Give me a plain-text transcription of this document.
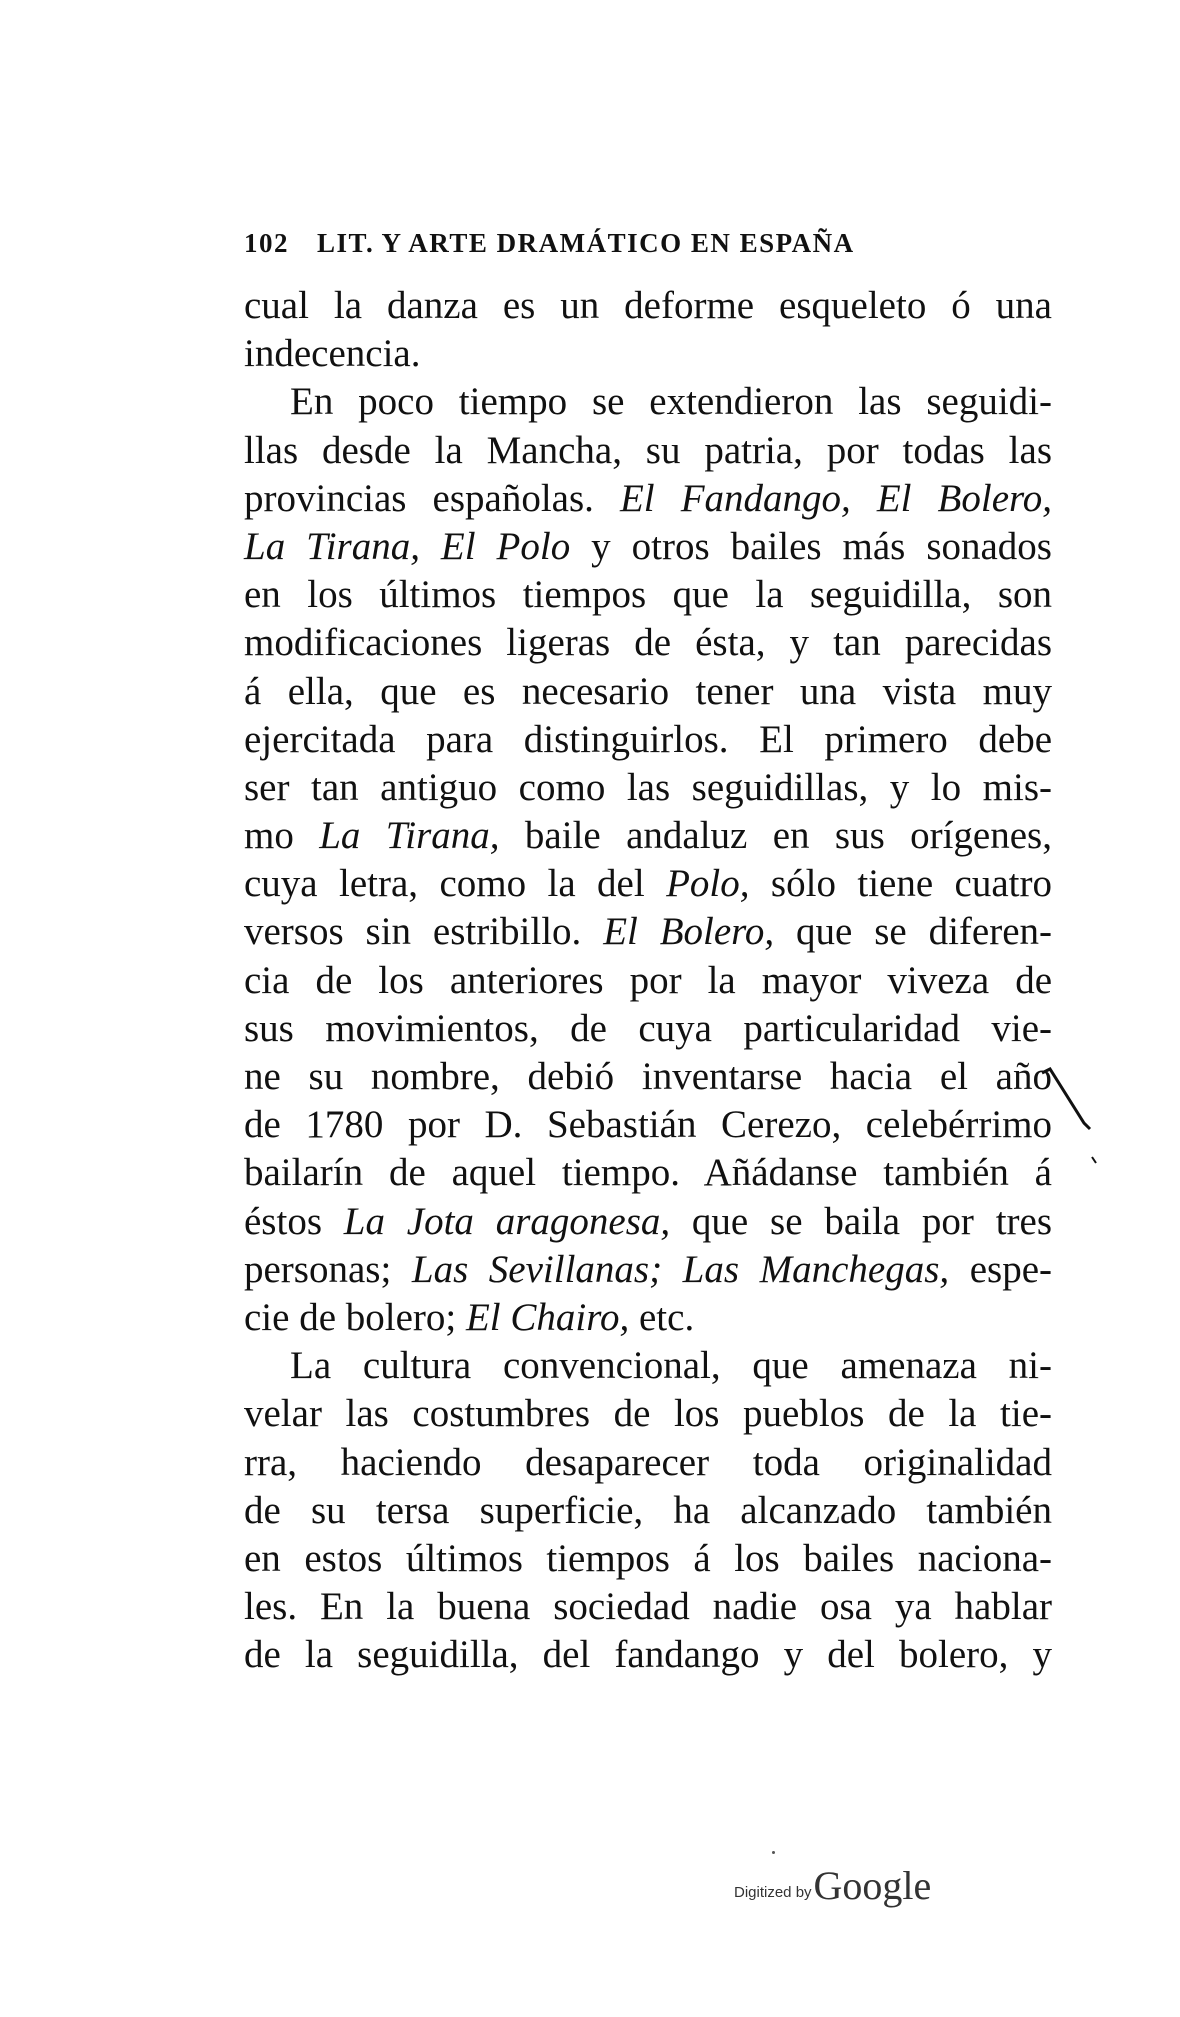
102 LIT. Y ARTE DRAMÁTICO EN ESPAÑA
cual la danza es un deforme esqueleto ó una
indecencia.
En poco tiempo se extendieron las seguidi-
llas desde la Mancha, su patria, por todas las
provincias españolas. El Fandango, El Bolero,
La Tirana, El Polo y otros bailes más sonados
en los últimos tiempos que la seguidilla, son
modificaciones ligeras de ésta, y tan parecidas
á ella, que es necesario tener una vista muy
ejercitada para distinguirlos. El primero debe
ser tan antiguo como las seguidillas, y lo mis-
mo La Tirana, baile andaluz en sus orígenes,
cuya letra, como la del Polo, sólo tiene cuatro
versos sin estribillo. El Bolero, que se diferen-
cia de los anteriores por la mayor viveza de
sus movimientos, de cuya particularidad vie-
ne su nombre, debió inventarse hacia el año
de 1780 por D. Sebastián Cerezo, celebérrimo
bailarín de aquel tiempo. Añádanse también á
éstos La Jota aragonesa, que se baila por tres
personas; Las Sevillanas; Las Manchegas, espe-
cie de bolero; El Chairo, etc.
La cultura convencional, que amenaza ni-
velar las costumbres de los pueblos de la tie-
rra, haciendo desaparecer toda originalidad
de su tersa superficie, ha alcanzado también
en estos últimos tiempos á los bailes naciona-
les. En la buena sociedad nadie osa ya hablar
de la seguidilla, del fandango y del bolero, y
Digitized byGoogle
